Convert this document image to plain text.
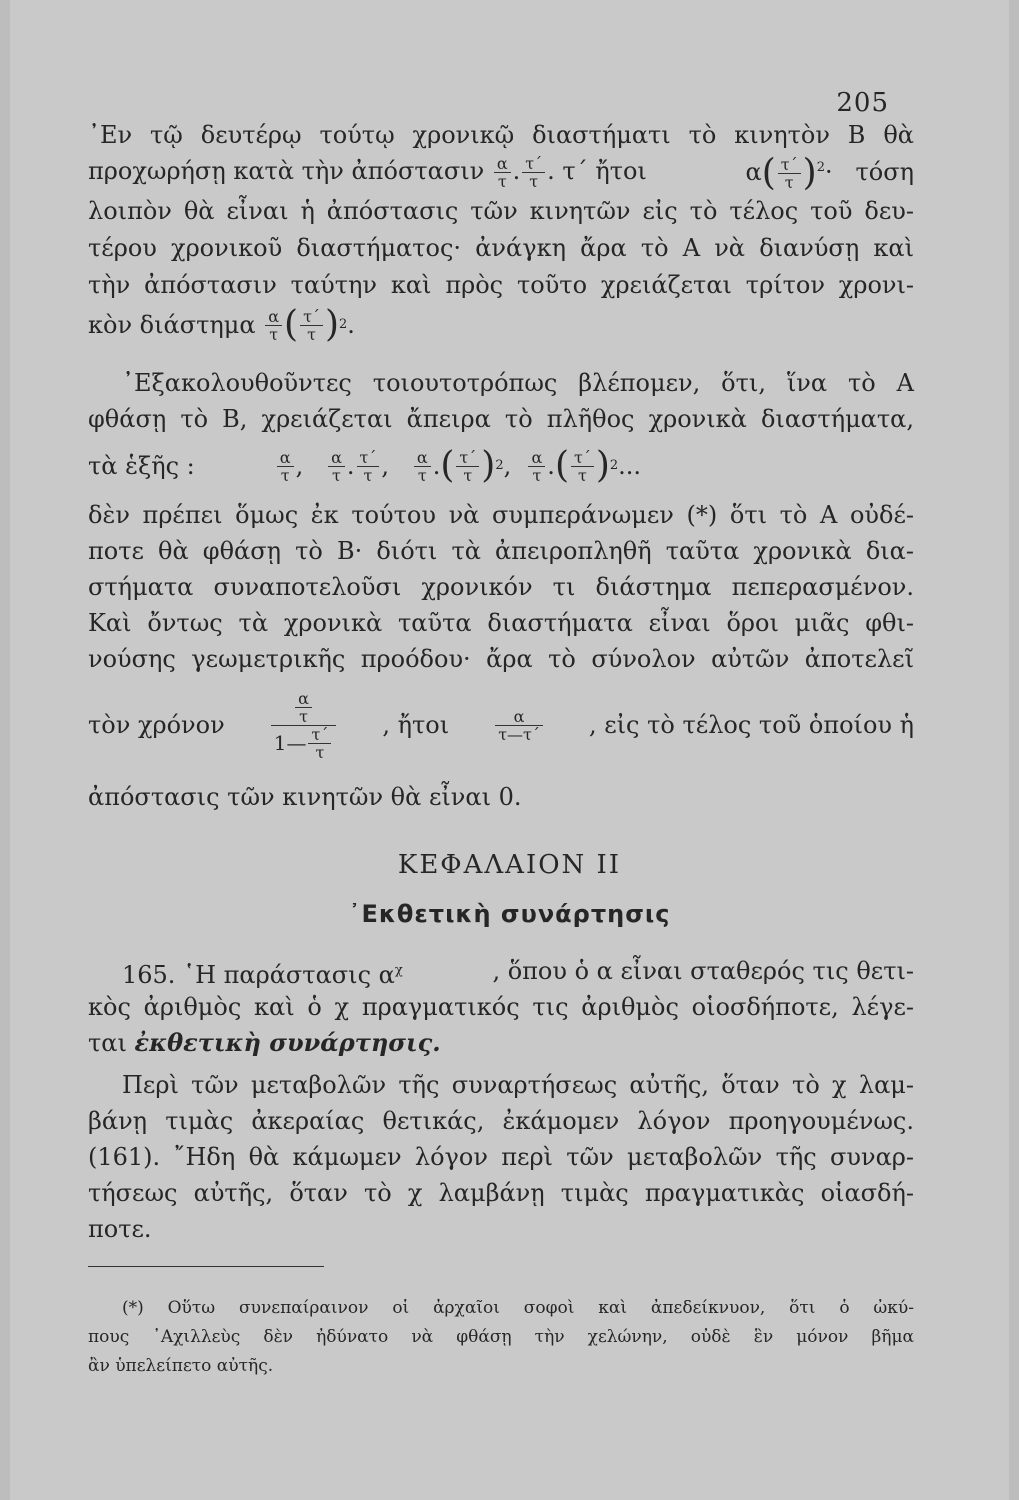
205
᾿Εν τῷ δευτέρῳ τούτῳ χρονικῷ διαστήματι τὸ κινητὸν Β θὰ
προχωρήσῃ κατὰ τὴν ἀπόστασιν $\frac{\alpha}{\tau}$ . $\frac{\tau΄}{\tau}$ . τ΄ ἤτοι	$\alpha( \frac{\tau΄}{\tau} )^2\cdot \tau ό\sigma\eta$
λοιπὸν θὰ εἶναι ἡ ἀπόστασις τῶν κινητῶν εἰς τὸ τέλος τοῦ δευ-
τέρου χρονικοῦ διαστήματος· ἀνάγκη ἄρα τὸ Α νὰ διανύσῃ καὶ
τὴν ἀπόστασιν ταύτην καὶ πρὸς τοῦτο χρειάζεται τρίτον χρονι-
κὸν διάστημα
$\frac{\alpha}{\tau}$ ( $\frac{\tau΄}{\tau}$ ) 2 .
᾿Εξακολουθοῦντες τοιουτοτρόπως βλέπομεν, ὅτι, ἵνα τὸ Α
φθάσῃ τὸ Β, χρειάζεται ἄπειρα τὸ πλῆθος χρονικὰ διαστήματα,
τὰ ἑξῆς :	$\frac{\alpha}{\tau}$ , $\frac{\alpha}{\tau}$ . $\frac{\tau΄}{\tau}$ , $\frac{\alpha}{\tau}$ . ( $\frac{\tau΄}{\tau}$ ) 2 , $\frac{\alpha}{\tau}$ . ( $\frac{\tau΄}{\tau}$ ) 2 ...
δὲν πρέπει ὅμως ἐκ τούτου νὰ συμπεράνωμεν (*) ὅτι τὸ Α οὐδέ-
ποτε θὰ φθάσῃ τὸ Β· διότι τὰ ἀπειροπληθῆ ταῦτα χρονικὰ δια-
στήματα συναποτελοῦσι χρονικόν τι διάστημα πεπερασμένον.
Καὶ ὄντως τὰ χρονικὰ ταῦτα διαστήματα εἶναι ὅροι μιᾶς φθι-
νούσης γεωμετρικῆς προόδου· ἄρα τὸ σύνολον αὐτῶν ἀποτελεῖ
τὸν χρόνον	$\frac{\frac{\alpha}{\tau}}{1— \frac{\tau΄}{\tau}}$ , ἤτοι	$\frac{\alpha}{\tau—\tau΄}$ , εἰς τὸ τέλος τοῦ ὁποίου ἡ
ἀπόστασις τῶν κινητῶν θὰ εἶναι 0.
ΚΕΦΑΛΑΙΟΝ II
᾿Εκθετικὴ συνάρτησις
165. ῾Η παράστασις $\alpha^\chi$	, ὅπου ὁ α εἶναι σταθερός τις θετι-
κὸς ἀριθμὸς καὶ ὁ χ πραγματικός τις ἀριθμὸς οἱοσδήποτε, λέγε-
ται ἐκθετικὴ συνάρτησις.
Περὶ τῶν μεταβολῶν τῆς συναρτήσεως αὐτῆς, ὅταν τὸ χ λαμ-
βάνῃ τιμὰς ἀκεραίας θετικάς, ἐκάμομεν λόγον προηγουμένως.
(161). ῎Ηδη θὰ κάμωμεν λόγον περὶ τῶν μεταβολῶν τῆς συναρ-
τήσεως αὐτῆς, ὅταν τὸ χ λαμβάνῃ τιμὰς πραγματικὰς οἱασδή-
ποτε.
(*) Οὕτω συνεπαίραινον οἱ ἀρχαῖοι σοφοὶ καὶ ἀπεδείκνυον, ὅτι ὁ ὠκύ-
πους ᾿Αχιλλεὺς δὲν ἠδύνατο νὰ φθάσῃ τὴν χελώνην, οὐδὲ ἓν μόνον βῆμα
ἂν ὑπελείπετο αὐτῆς.
